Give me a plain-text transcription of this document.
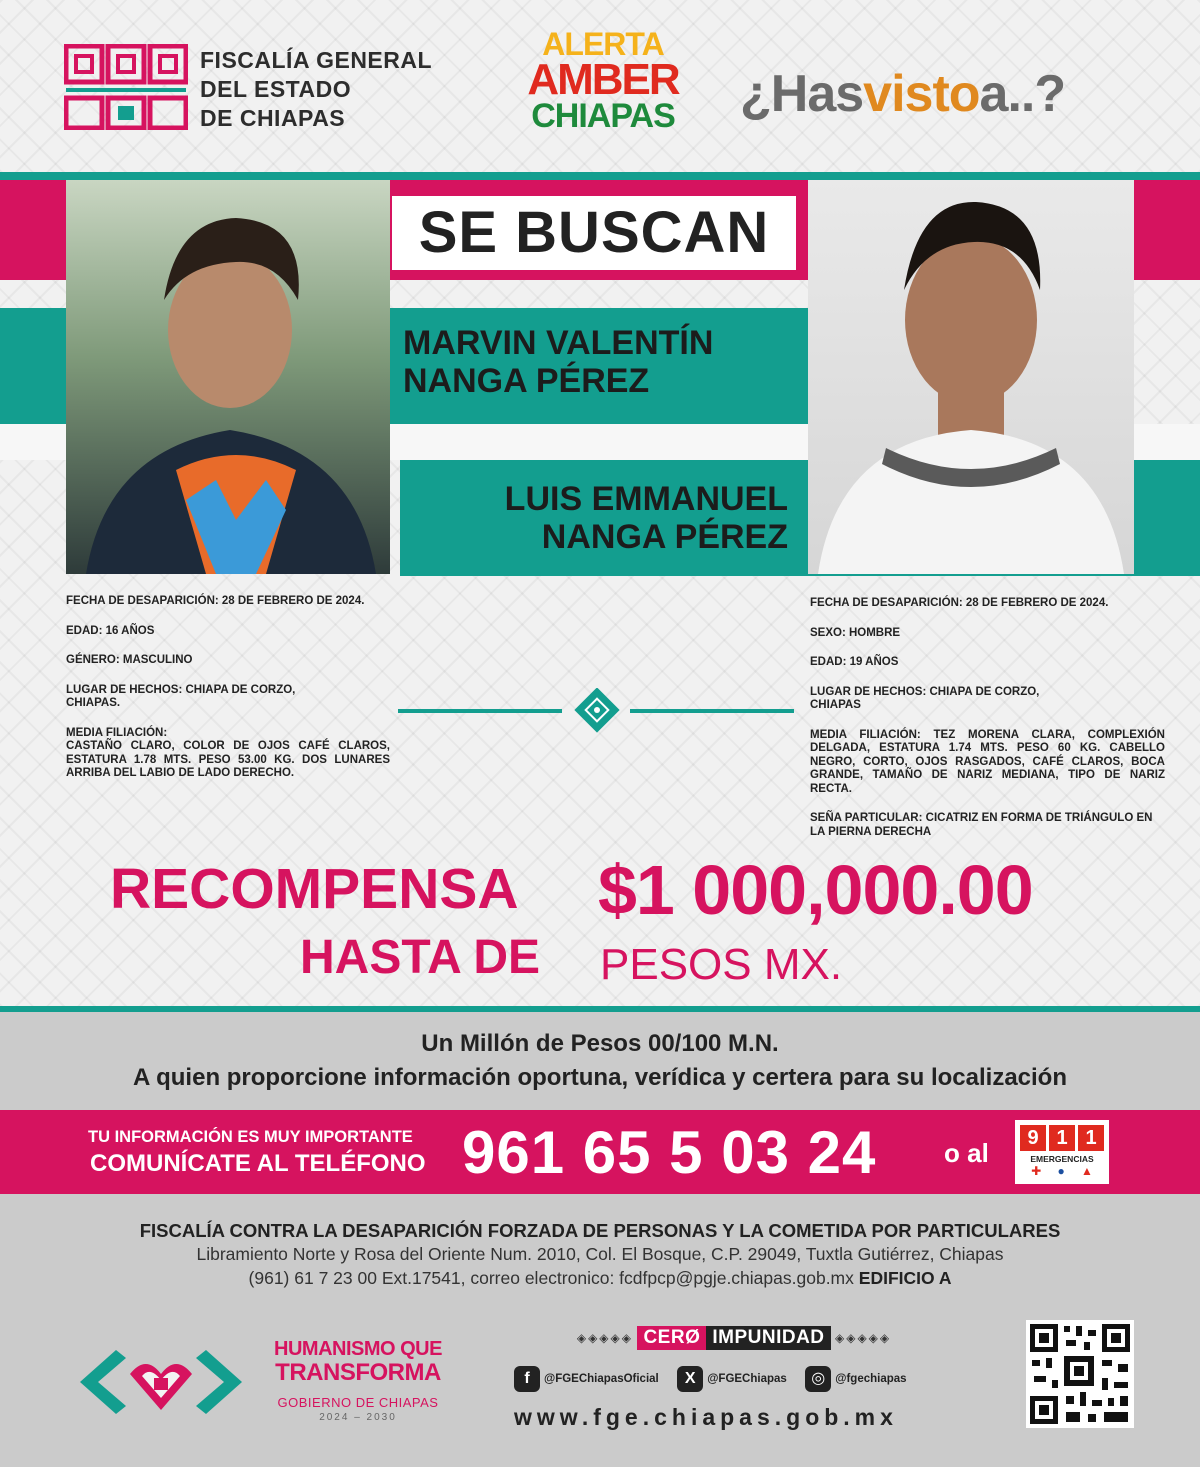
FISCALÍA GENERAL
DEL ESTADO
DE CHIAPAS
ALERTA
AMBER
CHIAPAS ¿Hasvistoa..?
SE BUSCAN
MARVIN VALENTÍN
NANGA PÉREZ
LUIS EMMANUEL
NANGA PÉREZ

FECHA DE DESAPARICIÓN: 28 DE FEBRERO DE 2024.

EDAD: 16 AÑOS

GÉNERO: MASCULINO

LUGAR DE HECHOS: CHIAPA DE CORZO,
CHIAPAS.

MEDIA FILIACIÓN:

CASTAÑO CLARO, COLOR DE OJOS CAFÉ CLAROS, ESTATURA 1.78 MTS. PESO 53.00 KG. DOS LUNARES ARRIBA DEL LABIO DE LADO DERECHO.

FECHA DE DESAPARICIÓN: 28 DE FEBRERO DE 2024.

SEXO: HOMBRE

EDAD: 19 AÑOS

LUGAR DE HECHOS: CHIAPA DE CORZO,
CHIAPAS

MEDIA FILIACIÓN: TEZ MORENA CLARA, COMPLEXIÓN DELGADA, ESTATURA 1.74 MTS. PESO 60 KG. CABELLO NEGRO, CORTO, OJOS RASGADOS, CAFÉ CLAROS, BOCA GRANDE, TAMAÑO DE NARIZ MEDIANA, TIPO DE NARIZ RECTA.

SEÑA PARTICULAR: CICATRIZ EN FORMA DE TRIÁNGULO EN LA PIERNA DERECHA

RECOMPENSA
HASTA DE
$1 000,000.00
PESOS MX.
Un Millón de Pesos 00/100 M.N.
A quien proporcione información oportuna, verídica y certera para su localización
TU INFORMACIÓN ES MUY IMPORTANTE
COMUNÍCATE AL TELÉFONO 961 65 5 03 24	o al	9 1 1
EMERGENCIAS
✚ ● ▲
FISCALÍA CONTRA LA DESAPARICIÓN FORZADA DE PERSONAS Y LA COMETIDA POR PARTICULARES
Libramiento Norte y Rosa del Oriente Num. 2010, Col. El Bosque, C.P. 29049, Tuxtla Gutiérrez, Chiapas
(961) 61 7 23 00 Ext.17541, correo electronico: fcdfpcp@pgje.chiapas.gob.mx EDIFICIO A
HUMANISMO QUE
TRANSFORMA
GOBIERNO DE CHIAPAS
2024 – 2030
◈◈◈◈◈ CERØ IMPUNIDAD ◈◈◈◈◈
f @FGEChiapasOficial X @FGEChiapas ◎ @fgechiapas
www.fge.chiapas.gob.mx
